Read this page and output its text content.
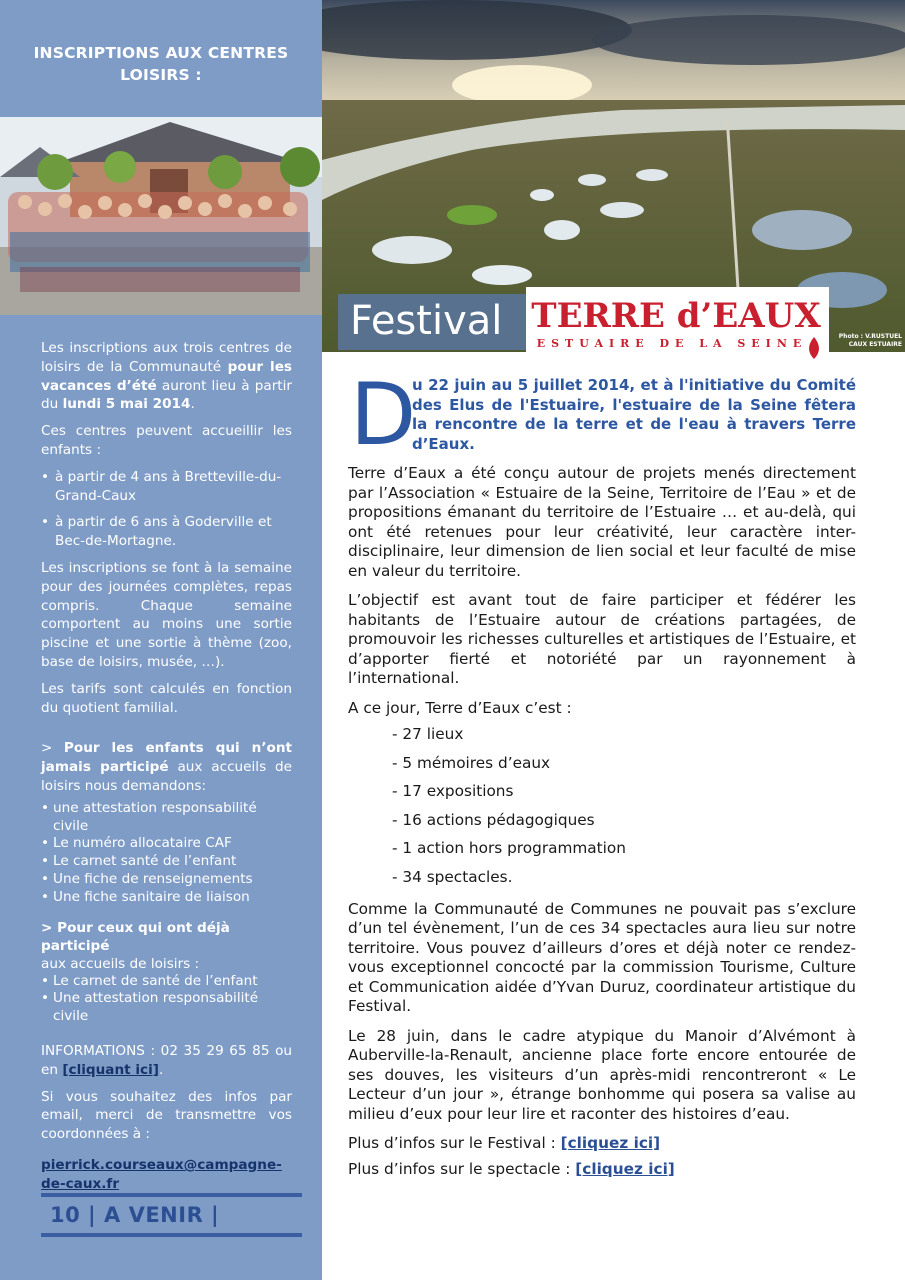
INSCRIPTIONS AUX CENTRES LOISIRS :

Les inscriptions aux trois centres de loisirs de la Communauté pour les vacances d’été auront lieu à partir du lundi 5 mai 2014.

Ces centres peuvent accueillir les enfants :

• à partir de 4 ans à Bretteville-du-Grand-Caux
• à partir de 6 ans à Goderville et Bec-de-Mortagne.

Les inscriptions se font à la semaine pour des journées complètes, repas compris. Chaque semaine comportent au moins une sortie piscine et une sortie à thème (zoo, base de loisirs, musée, …).

Les tarifs sont calculés en fonction du quotient familial.

> Pour les enfants qui n’ont jamais participé aux accueils de loisirs nous demandons:

• une attestation responsabilité civile
• Le numéro allocataire CAF
• Le carnet santé de l’enfant
• Une fiche de renseignements
• Une fiche sanitaire de liaison
> Pour ceux qui ont déjà participé
aux accueils de loisirs :
• Le carnet de santé de l’enfant
• Une attestation responsabilité civile

INFORMATIONS : 02 35 29 65 85 ou en [cliquant ici].

Si vous souhaitez des infos par email, merci de transmettre vos coordonnées à :

pierrick.courseaux@campagne-de-caux.fr

10 | A VENIR |
Festival TERRE d’EAUX
ESTUAIRE DE LA SEINE
Photo : V.RUSTUEL
CAUX ESTUAIRE
D
u 22 juin au 5 juillet 2014, et à l'initiative du Comité des Elus de l'Estuaire, l'estuaire de la Seine fêtera la rencontre de la terre et de l'eau à travers Terre d’Eaux.

Terre d’Eaux a été conçu autour de projets menés directement par l’Association « Estuaire de la Seine, Territoire de l’Eau » et de propositions émanant du territoire de l’Estuaire … et au-delà, qui ont été retenues pour leur créativité, leur caractère inter-disciplinaire, leur dimension de lien social et leur faculté de mise en valeur du territoire.

L’objectif est avant tout de faire participer et fédérer les habitants de l’Estuaire autour de créations partagées, de promouvoir les richesses culturelles et artistiques de l’Estuaire, et d’apporter fierté et notoriété par un rayonnement à l’international.

A ce jour, Terre d’Eaux c’est :

- 27 lieux
- 5 mémoires d’eaux
- 17 expositions
- 16 actions pédagogiques
- 1 action hors programmation
- 34 spectacles.

Comme la Communauté de Communes ne pouvait pas s’exclure d’un tel évènement, l’un de ces 34 spectacles aura lieu sur notre territoire. Vous pouvez d’ailleurs d’ores et déjà noter ce rendez-vous exceptionnel concocté par la commission Tourisme, Culture et Communication aidée d’Yvan Duruz, coordinateur artistique du Festival.

Le 28 juin, dans le cadre atypique du Manoir d’Alvémont à Auberville-la-Renault, ancienne place forte encore entourée de ses douves, les visiteurs d’un après-midi rencontreront « Le Lecteur d’un jour », étrange bonhomme qui posera sa valise au milieu d’eux pour leur lire et raconter des histoires d’eau.

Plus d’infos sur le Festival : [cliquez ici]

Plus d’infos sur le spectacle : [cliquez ici]
